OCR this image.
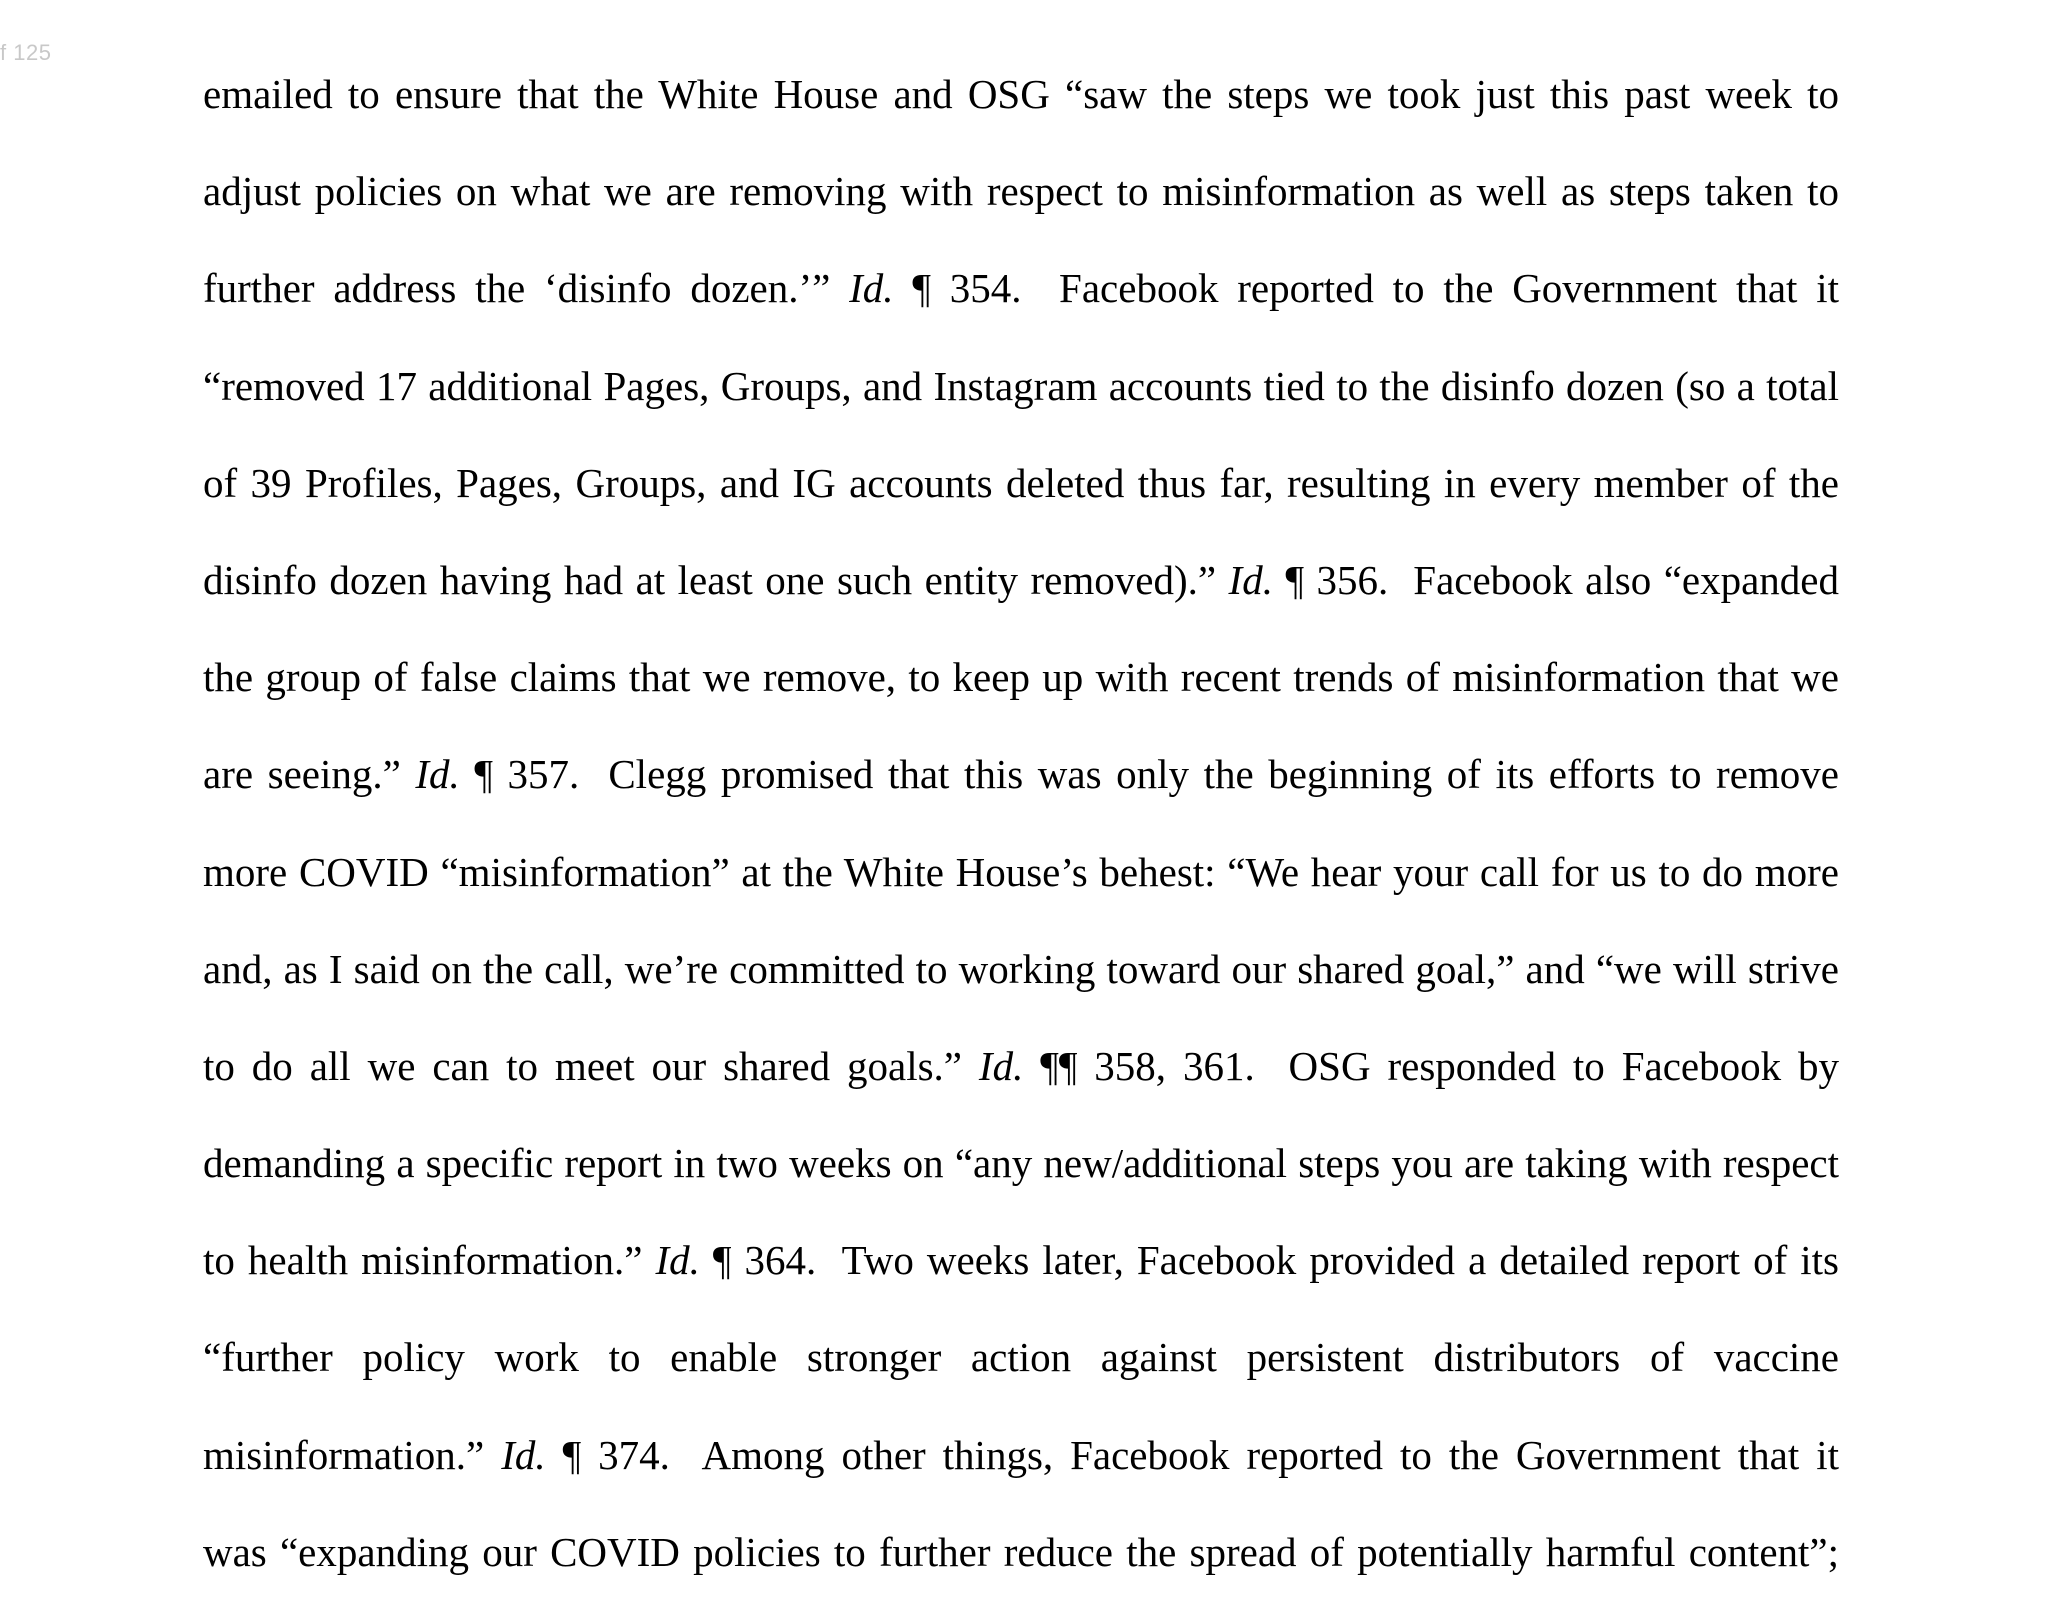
f 125
emailed to ensure that the White House and OSG “saw the steps we took just this past week to
adjust policies on what we are removing with respect to misinformation as well as steps taken to
further address the ‘disinfo dozen.’” Id. ¶ 354.  Facebook reported to the Government that it
“removed 17 additional Pages, Groups, and Instagram accounts tied to the disinfo dozen (so a total
of 39 Profiles, Pages, Groups, and IG accounts deleted thus far, resulting in every member of the
disinfo dozen having had at least one such entity removed).” Id. ¶ 356.  Facebook also “expanded
the group of false claims that we remove, to keep up with recent trends of misinformation that we
are seeing.” Id. ¶ 357.  Clegg promised that this was only the beginning of its efforts to remove
more COVID “misinformation” at the White House’s behest: “We hear your call for us to do more
and, as I said on the call, we’re committed to working toward our shared goal,” and “we will strive
to do all we can to meet our shared goals.” Id. ¶¶ 358, 361.  OSG responded to Facebook by
demanding a specific report in two weeks on “any new/additional steps you are taking with respect
to health misinformation.” Id. ¶ 364.  Two weeks later, Facebook provided a detailed report of its
“further policy work to enable stronger action against persistent distributors of vaccine
misinformation.” Id. ¶ 374.  Among other things, Facebook reported to the Government that it
was “expanding our COVID policies to further reduce the spread of potentially harmful content”;
